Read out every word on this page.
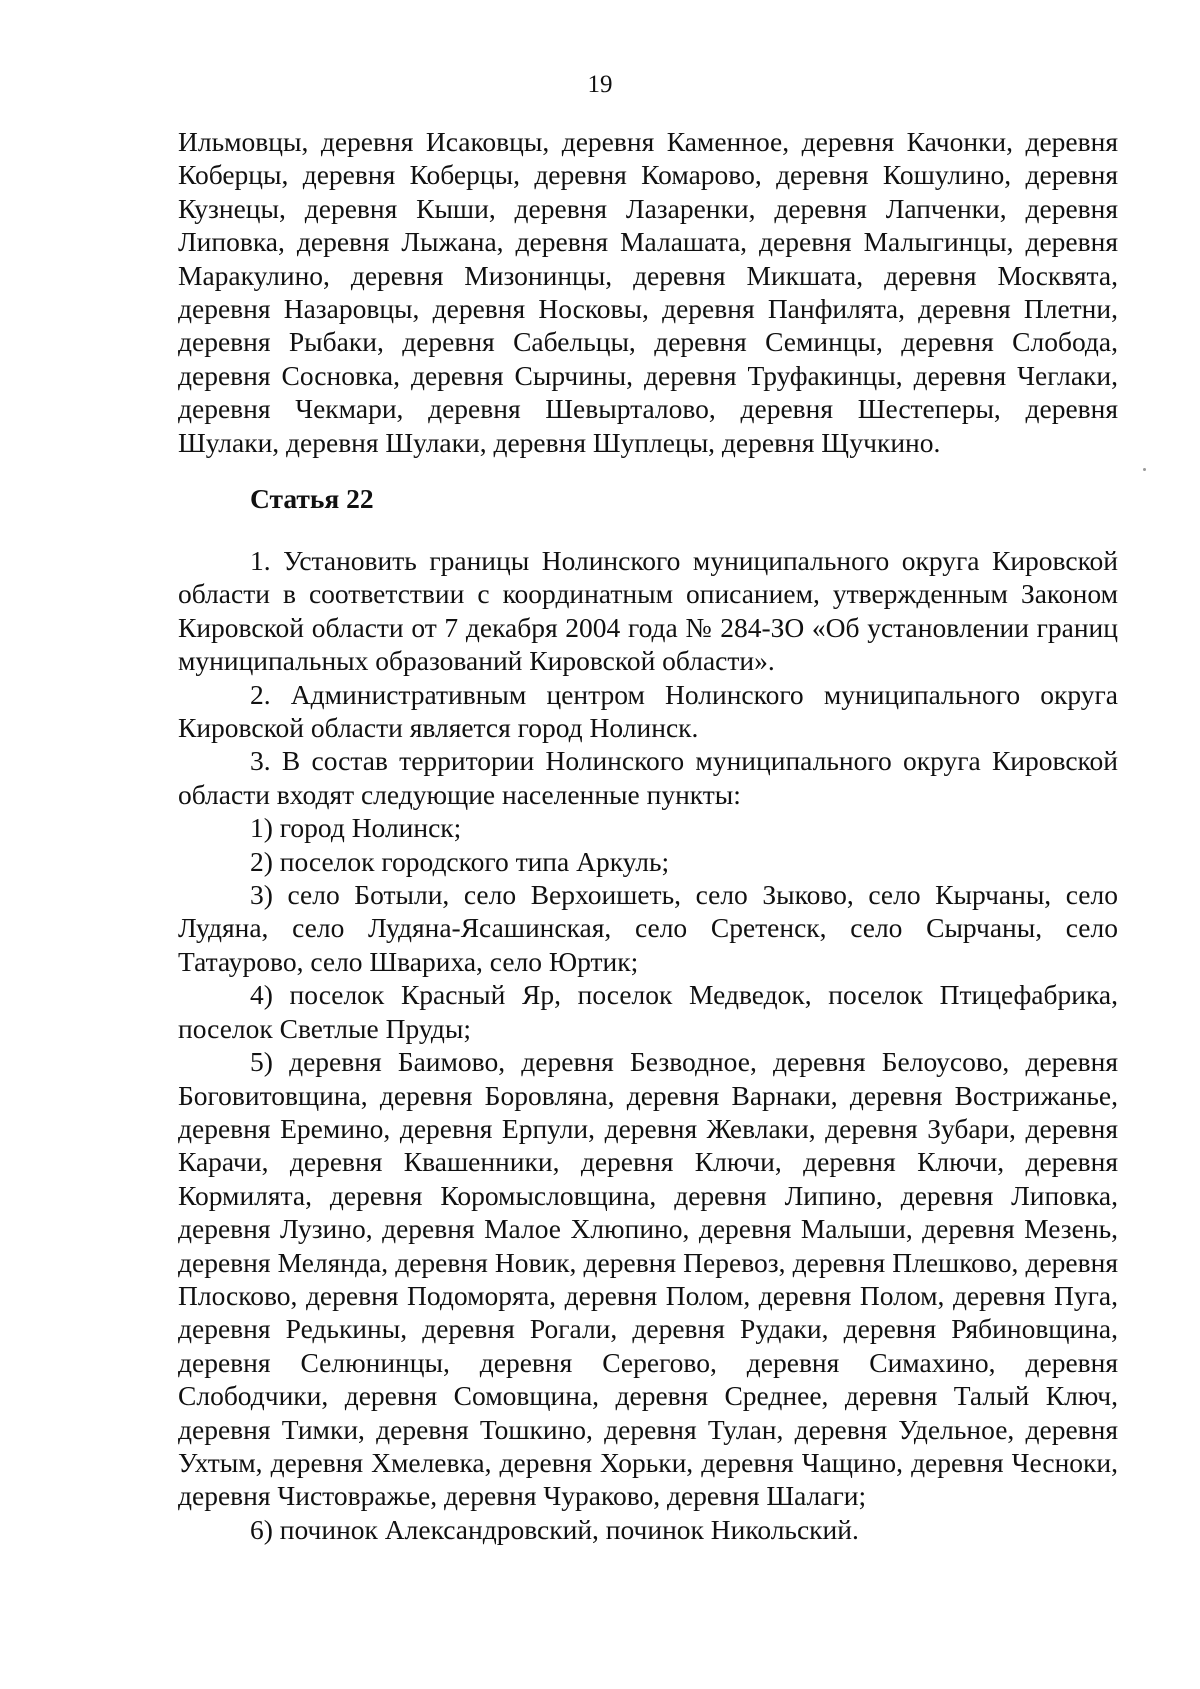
19

Ильмовцы, деревня Исаковцы, деревня Каменное, деревня Качонки, деревня Коберцы, деревня Коберцы, деревня Комарово, деревня Кошулино, деревня Кузнецы, деревня Кыши, деревня Лазаренки, деревня Лапченки, деревня Липовка, деревня Лыжана, деревня Малашата, деревня Малыгинцы, деревня Маракулино, деревня Мизонинцы, деревня Микшата, деревня Москвята, деревня Назаровцы, деревня Носковы, деревня Панфилята, деревня Плетни, деревня Рыбаки, деревня Сабельцы, деревня Семинцы, деревня Слобода, деревня Сосновка, деревня Сырчины, деревня Труфакинцы, деревня Чеглаки, деревня Чекмари, деревня Шевырталово, деревня Шестеперы, деревня Шулаки, деревня Шулаки, деревня Шуплецы, деревня Щучкино.

Статья 22

1. Установить границы Нолинского муниципального округа Кировской области в соответствии с координатным описанием, утвержденным Законом Кировской области от 7 декабря 2004 года № 284-ЗО «Об установлении границ муниципальных образований Кировской области».

2. Административным центром Нолинского муниципального округа Кировской области является город Нолинск.

3. В состав территории Нолинского муниципального округа Кировской области входят следующие населенные пункты:

1) город Нолинск;

2) поселок городского типа Аркуль;

3) село Ботыли, село Верхоишеть, село Зыково, село Кырчаны, село Лудяна, село Лудяна-Ясашинская, село Сретенск, село Сырчаны, село Татаурово, село Швариха, село Юртик;

4) поселок Красный Яр, поселок Медведок, поселок Птицефабрика, поселок Светлые Пруды;

5) деревня Баимово, деревня Безводное, деревня Белоусово, деревня Боговитовщина, деревня Боровляна, деревня Варнаки, деревня Вострижанье, деревня Еремино, деревня Ерпули, деревня Жевлаки, деревня Зубари, деревня Карачи, деревня Квашенники, деревня Ключи, деревня Ключи, деревня Кормилята, деревня Коромысловщина, деревня Липино, деревня Липовка, деревня Лузино, деревня Малое Хлюпино, деревня Малыши, деревня Мезень, деревня Мелянда, деревня Новик, деревня Перевоз, деревня Плешково, деревня Плосково, деревня Подоморята, деревня Полом, деревня Полом, деревня Пуга, деревня Редькины, деревня Рогали, деревня Рудаки, деревня Рябиновщина, деревня Селюнинцы, деревня Серегово, деревня Симахино, деревня Слободчики, деревня Сомовщина, деревня Среднее, деревня Талый Ключ, деревня Тимки, деревня Тошкино, деревня Тулан, деревня Удельное, деревня Ухтым, деревня Хмелевка, деревня Хорьки, деревня Чащино, деревня Чесноки, деревня Чистовражье, деревня Чураково, деревня Шалаги;

6) починок Александровский, починок Никольский.
